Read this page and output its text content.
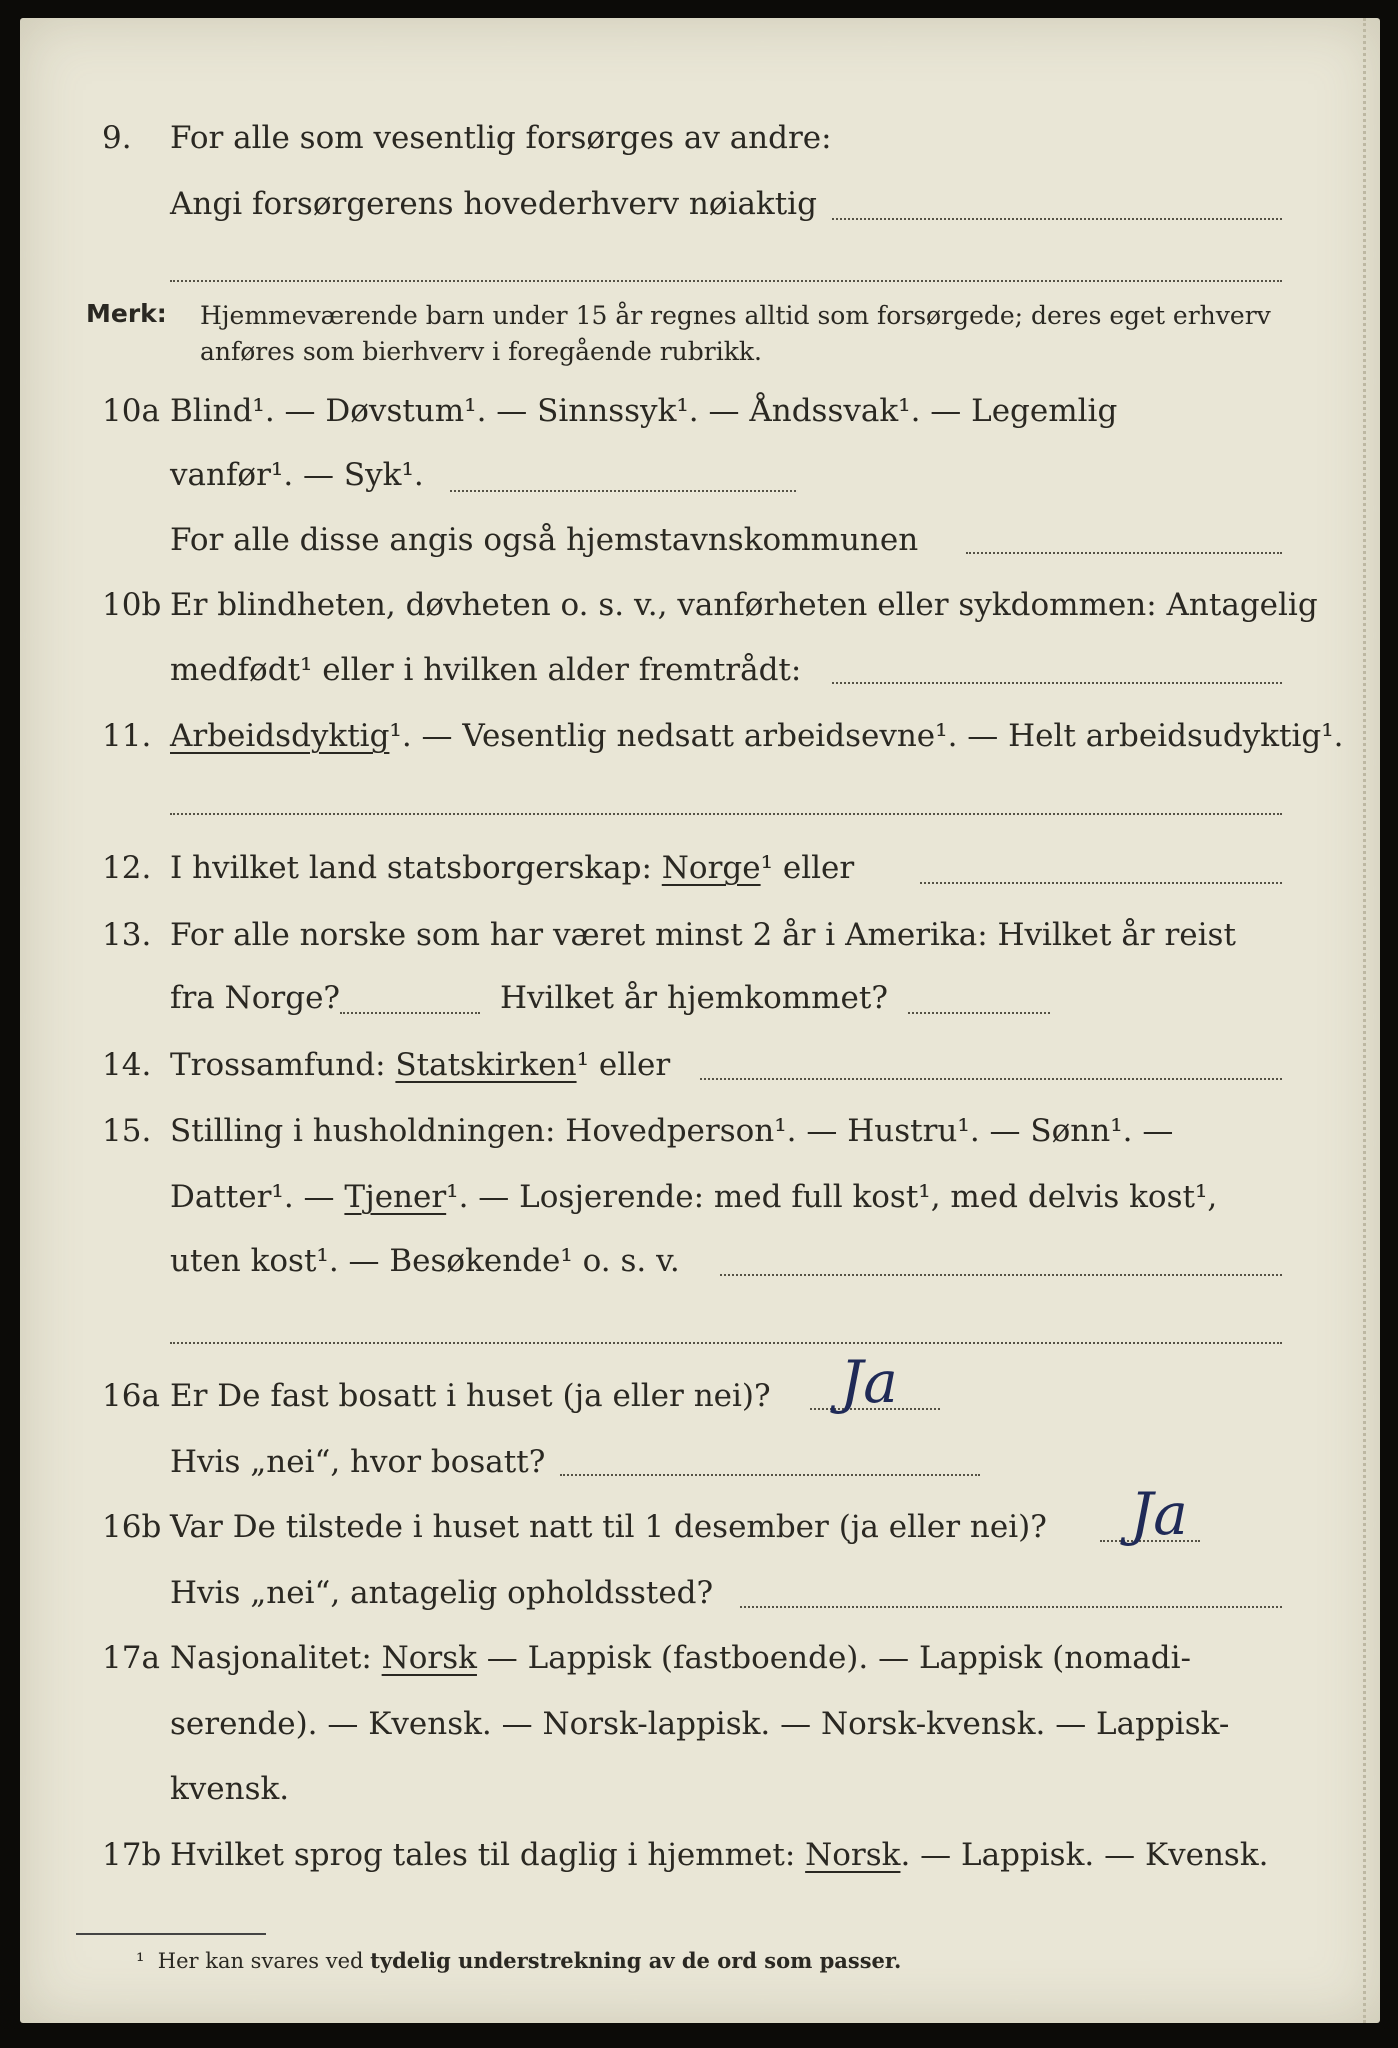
9. For alle som vesentlig forsørges av andre:
Angi forsørgerens hovederhverv nøiaktig
Merk: Hjemmeværende barn under 15 år regnes alltid som forsørgede; deres eget erhverv
anføres som bierhverv i foregående rubrikk.
10a Blind¹. — Døvstum¹. — Sinnssyk¹. — Åndssvak¹. — Legemlig
vanfør¹. — Syk¹.
For alle disse angis også hjemstavnskommunen
10b Er blindheten, døvheten o. s. v., vanførheten eller sykdommen: Antagelig
medfødt¹ eller i hvilken alder fremtrådt:
11. Arbeidsdyktig¹. — Vesentlig nedsatt arbeidsevne¹. — Helt arbeidsudyktig¹.
12. I hvilket land statsborgerskap: Norge¹ eller
13. For alle norske som har været minst 2 år i Amerika: Hvilket år reist
fra Norge?	Hvilket år hjemkommet?
14. Trossamfund: Statskirken¹ eller
15. Stilling i husholdningen: Hovedperson¹. — Hustru¹. — Sønn¹. —
Datter¹. — Tjener¹. — Losjerende: med full kost¹, med delvis kost¹,
uten kost¹. — Besøkende¹ o. s. v.
16a Er De fast bosatt i huset (ja eller nei)? Ja
Hvis „nei“, hvor bosatt?
16b Var De tilstede i huset natt til 1 desember (ja eller nei)? Ja
Hvis „nei“, antagelig opholdssted?
17a Nasjonalitet: Norsk — Lappisk (fastboende). — Lappisk (nomadi-
serende). — Kvensk. — Norsk-lappisk. — Norsk-kvensk. — Lappisk-
kvensk.
17b Hvilket sprog tales til daglig i hjemmet: Norsk. — Lappisk. — Kvensk.
¹ Her kan svares ved tydelig understrekning av de ord som passer.
